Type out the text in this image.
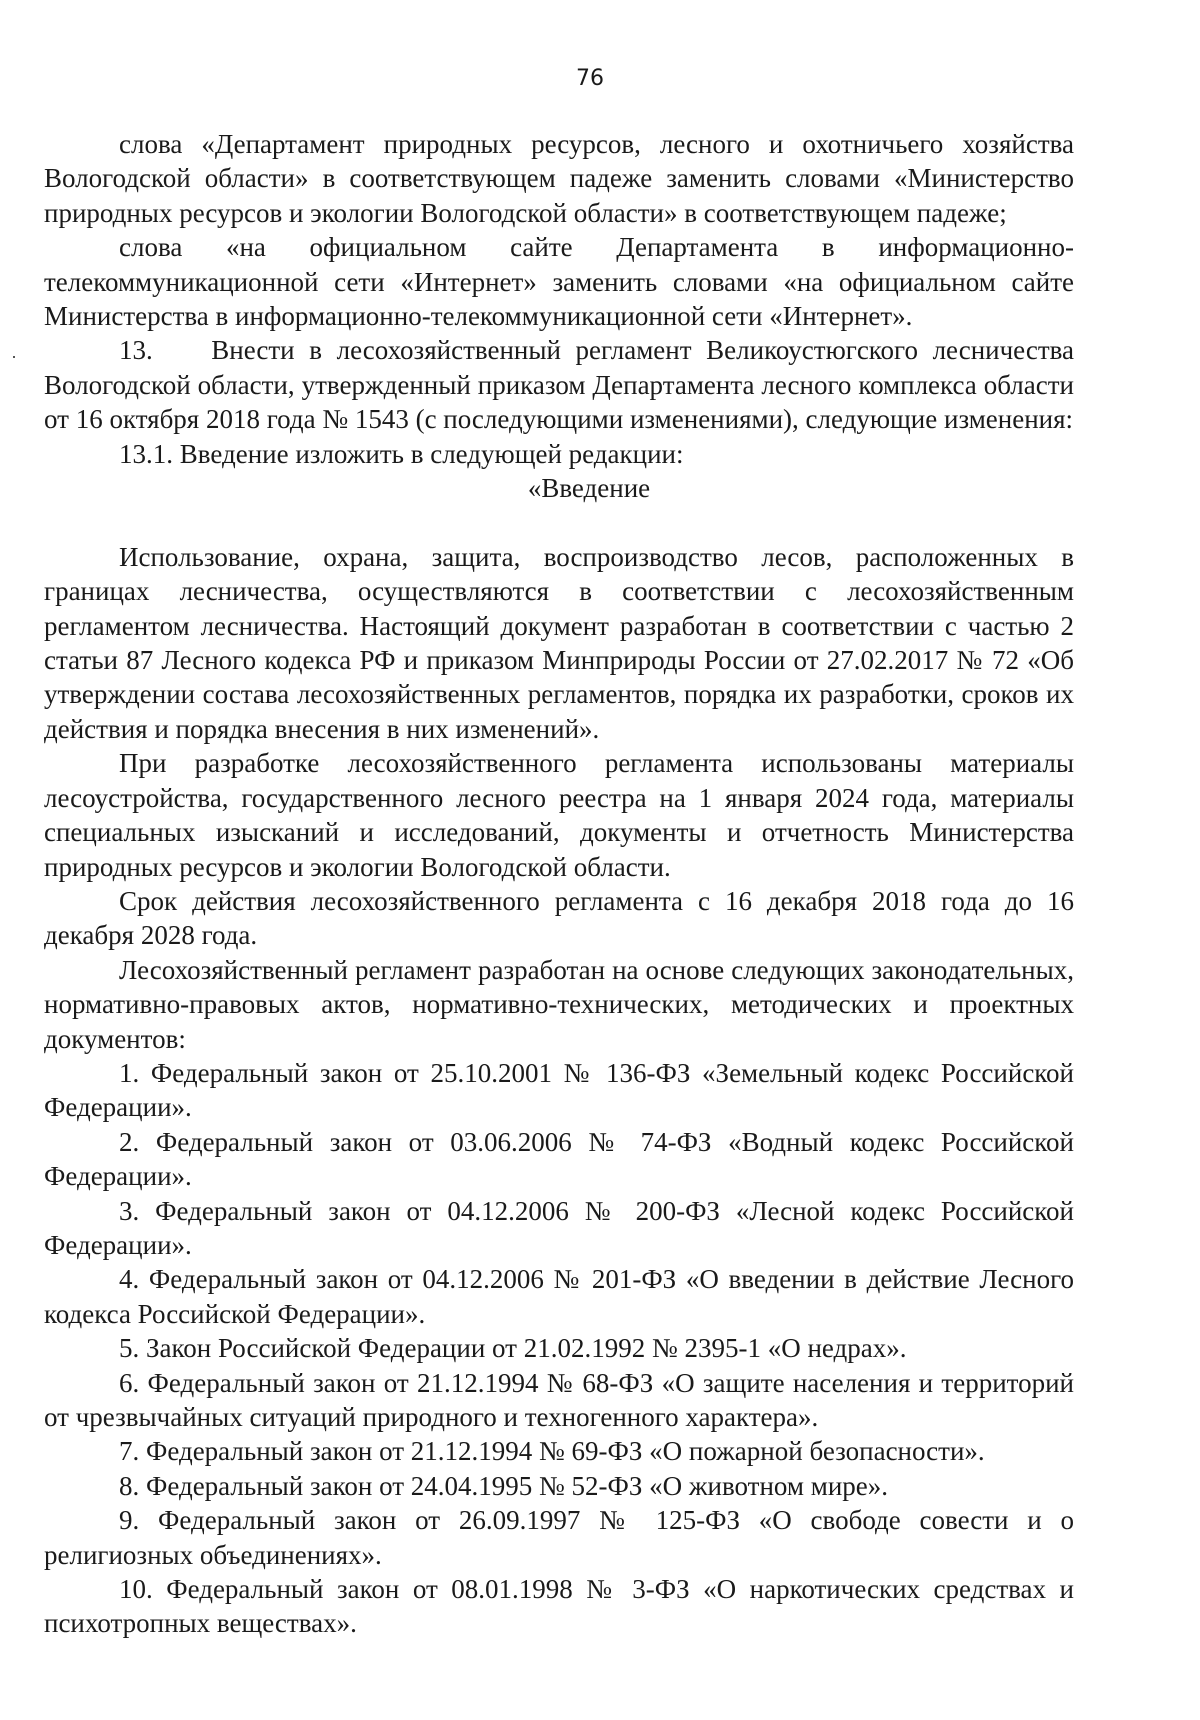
76

слова «Департамент природных ресурсов, лесного и охотничьего хозяйства Вологодской области» в соответствующем падеже заменить словами «Министерство природных ресурсов и экологии Вологодской области» в соответствующем падеже;

слова «на официальном сайте Департамента в информационно-телекоммуникационной сети «Интернет» заменить словами «на официальном сайте Министерства в информационно-телекоммуникационной сети «Интернет».

13.    Внести в лесохозяйственный регламент Великоустюгского лесничества Вологодской области, утвержденный приказом Департамента лесного комплекса области от 16 октября 2018 года № 1543 (с последующими изменениями), следующие изменения:

13.1. Введение изложить в следующей редакции:

«Введение

Использование, охрана, защита, воспроизводство лесов, расположенных в границах лесничества, осуществляются в соответствии с лесохозяйственным регламентом лесничества. Настоящий документ разработан в соответствии с частью 2 статьи 87 Лесного кодекса РФ и приказом Минприроды России от 27.02.2017 № 72 «Об утверждении состава лесохозяйственных регламентов, порядка их разработки, сроков их действия и порядка внесения в них изменений».

При разработке лесохозяйственного регламента использованы материалы лесоустройства, государственного лесного реестра на 1 января 2024 года, материалы специальных изысканий и исследований, документы и отчетность Министерства природных ресурсов и экологии Вологодской области.

Срок действия лесохозяйственного регламента с 16 декабря 2018 года до 16 декабря 2028 года.

Лесохозяйственный регламент разработан на основе следующих законодательных, нормативно-правовых актов, нормативно-технических, методических и проектных документов:

1. Федеральный закон от 25.10.2001 № 136-ФЗ «Земельный кодекс Российской Федерации».

2. Федеральный закон от 03.06.2006 № 74-ФЗ «Водный кодекс Российской Федерации».

3. Федеральный закон от 04.12.2006 № 200-ФЗ «Лесной кодекс Российской Федерации».

4. Федеральный закон от 04.12.2006 № 201-ФЗ «О введении в действие Лесного кодекса Российской Федерации».

5. Закон Российской Федерации от 21.02.1992 № 2395-1 «О недрах».

6. Федеральный закон от 21.12.1994 № 68-ФЗ «О защите населения и территорий от чрезвычайных ситуаций природного и техногенного характера».

7. Федеральный закон от 21.12.1994 № 69-ФЗ «О пожарной безопасности».

8. Федеральный закон от 24.04.1995 № 52-ФЗ «О животном мире».

9. Федеральный закон от 26.09.1997 № 125-ФЗ «О свободе совести и о религиозных объединениях».

10. Федеральный закон от 08.01.1998 № 3-ФЗ «О наркотических средствах и психотропных веществах».
